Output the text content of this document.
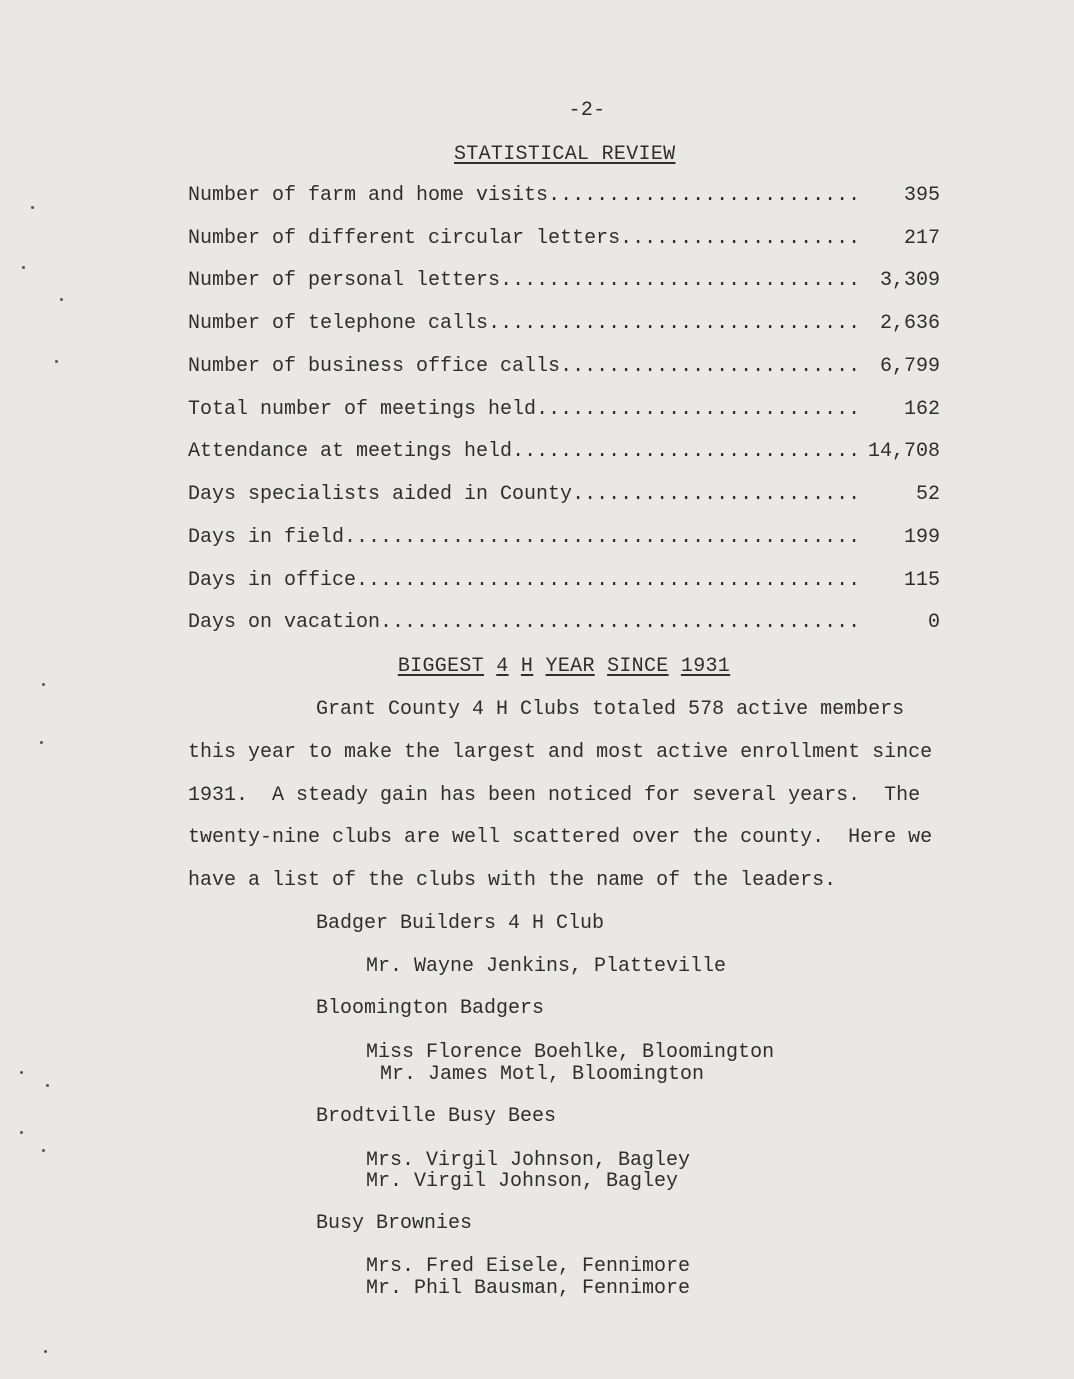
-2-
STATISTICAL REVIEW
Number of farm and home visits .....	395
Number of different circular letters .....	217
Number of personal letters .....	3,309
Number of telephone calls .....	2,636
Number of business office calls .....	6,799
Total number of meetings held .....	162
Attendance at meetings held .....	14,708
Days specialists aided in County .....	52
Days in field .....	199
Days in office .....	115
Days on vacation .....	0
BIGGEST 4 H YEAR SINCE 1931
Grant County 4 H Clubs totaled 578 active members
this year to make the largest and most active enrollment since
1931.  A steady gain has been noticed for several years.  The
twenty-nine clubs are well scattered over the county.  Here we
have a list of the clubs with the name of the leaders.
Badger Builders 4 H Club
Mr. Wayne Jenkins, Platteville
Bloomington Badgers
Miss Florence Boehlke, Bloomington
Mr. James Motl, Bloomington
Brodtville Busy Bees
Mrs. Virgil Johnson, Bagley
Mr. Virgil Johnson, Bagley
Busy Brownies
Mrs. Fred Eisele, Fennimore
Mr. Phil Bausman, Fennimore
